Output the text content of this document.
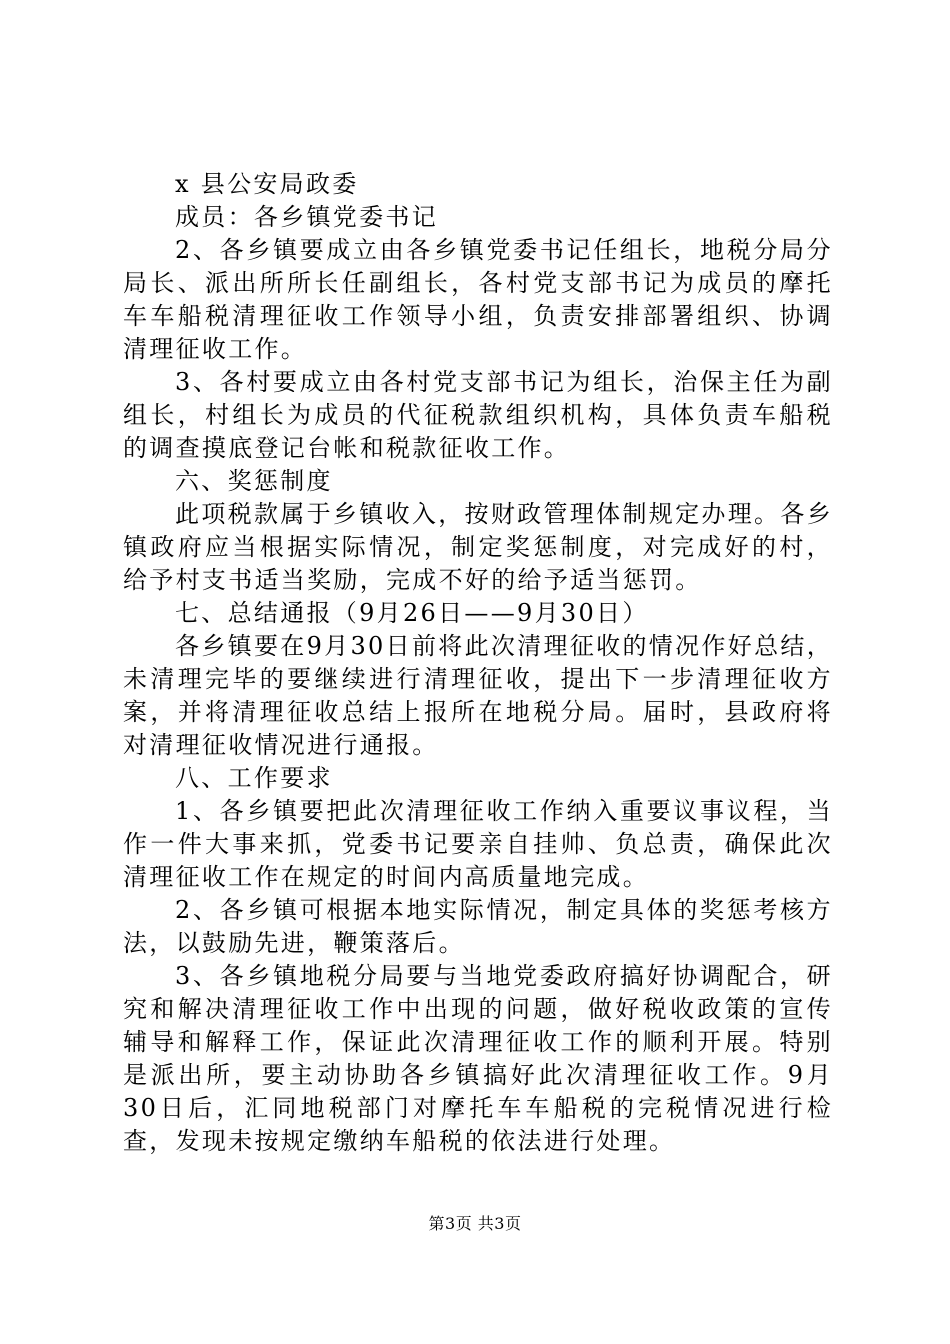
x 县公安局政委

成员：各乡镇党委书记

2、各乡镇要成立由各乡镇党委书记任组长，地税分局分局长、派出所所长任副组长，各村党支部书记为成员的摩托车车船税清理征收工作领导小组，负责安排部署组织、协调清理征收工作。

3、各村要成立由各村党支部书记为组长，治保主任为副组长，村组长为成员的代征税款组织机构，具体负责车船税的调查摸底登记台帐和税款征收工作。

六、奖惩制度

此项税款属于乡镇收入，按财政管理体制规定办理。各乡镇政府应当根据实际情况，制定奖惩制度，对完成好的村，给予村支书适当奖励，完成不好的给予适当惩罚。

七、总结通报（9月26日——9月30日）

各乡镇要在9月30日前将此次清理征收的情况作好总结，未清理完毕的要继续进行清理征收，提出下一步清理征收方案，并将清理征收总结上报所在地税分局。届时，县政府将对清理征收情况进行通报。

八、工作要求

1、各乡镇要把此次清理征收工作纳入重要议事议程，当作一件大事来抓，党委书记要亲自挂帅、负总责，确保此次清理征收工作在规定的时间内高质量地完成。

2、各乡镇可根据本地实际情况，制定具体的奖惩考核方法，以鼓励先进，鞭策落后。

3、各乡镇地税分局要与当地党委政府搞好协调配合，研究和解决清理征收工作中出现的问题，做好税收政策的宣传辅导和解释工作，保证此次清理征收工作的顺利开展。特别是派出所，要主动协助各乡镇搞好此次清理征收工作。9月30日后，汇同地税部门对摩托车车船税的完税情况进行检查，发现未按规定缴纳车船税的依法进行处理。

第3页 共3页
